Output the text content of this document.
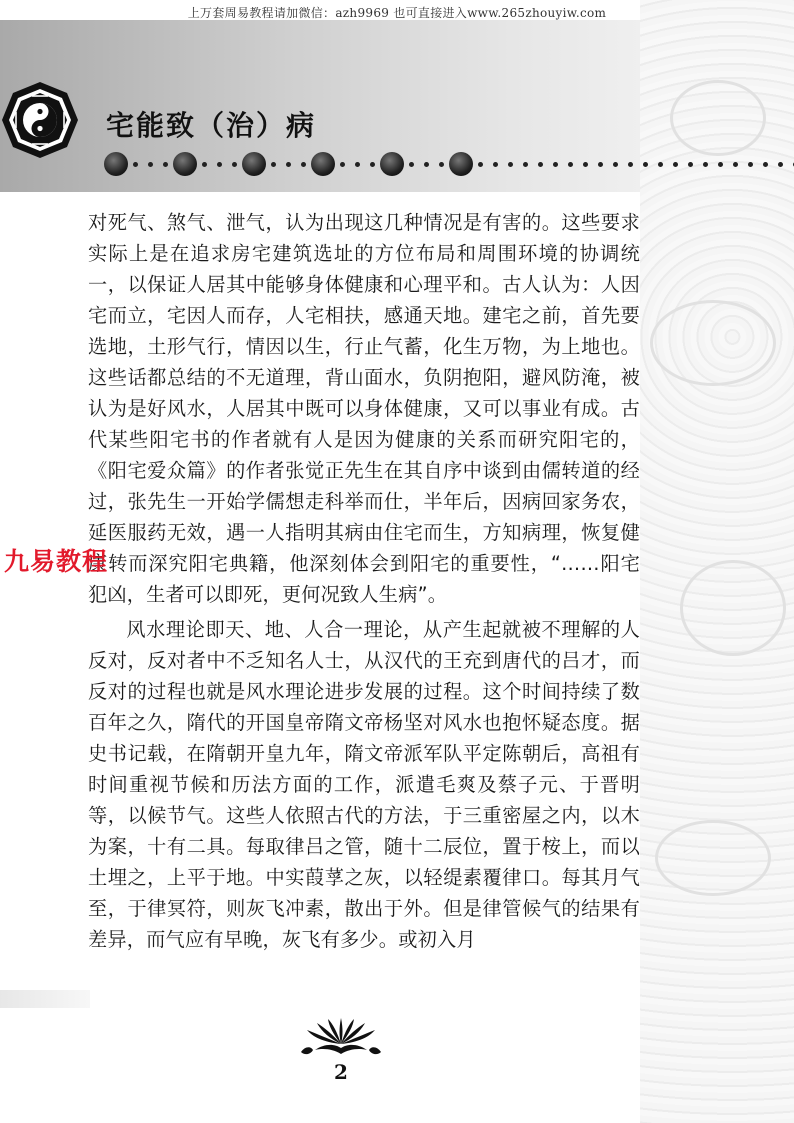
上万套周易教程请加微信：azh9969 也可直接进入www.265zhouyiw.com
宅能致（治）病

对死气、煞气、泄气，认为出现这几种情况是有害的。这些要求实际上是在追求房宅建筑选址的方位布局和周围环境的协调统一，以保证人居其中能够身体健康和心理平和。古人认为：人因宅而立，宅因人而存，人宅相扶，感通天地。建宅之前，首先要选地，土形气行，情因以生，行止气蓄，化生万物，为上地也。这些话都总结的不无道理，背山面水，负阴抱阳，避风防淹，被认为是好风水，人居其中既可以身体健康，又可以事业有成。古代某些阳宅书的作者就有人是因为健康的关系而研究阳宅的，《阳宅爱众篇》的作者张觉正先生在其自序中谈到由儒转道的经过，张先生一开始学儒想走科举而仕，半年后，因病回家务农，延医服药无效，遇一人指明其病由住宅而生，方知病理，恢复健康转而深究阳宅典籍，他深刻体会到阳宅的重要性，“……阳宅犯凶，生者可以即死，更何况致人生病”。

风水理论即天、地、人合一理论，从产生起就被不理解的人反对，反对者中不乏知名人士，从汉代的王充到唐代的吕才，而反对的过程也就是风水理论进步发展的过程。这个时间持续了数百年之久，隋代的开国皇帝隋文帝杨坚对风水也抱怀疑态度。据史书记载，在隋朝开皇九年，隋文帝派军队平定陈朝后，高祖有时间重视节候和历法方面的工作，派遣毛爽及蔡子元、于晋明等，以候节气。这些人依照古代的方法，于三重密屋之内，以木为案，十有二具。每取律吕之管，随十二辰位，置于桉上，而以土埋之，上平于地。中实葭莩之灰，以轻缇素覆律口。每其月气至，于律冥符，则灰飞冲素，散出于外。但是律管候气的结果有差异，而气应有早晚，灰飞有多少。或初入月

九易教程
2
